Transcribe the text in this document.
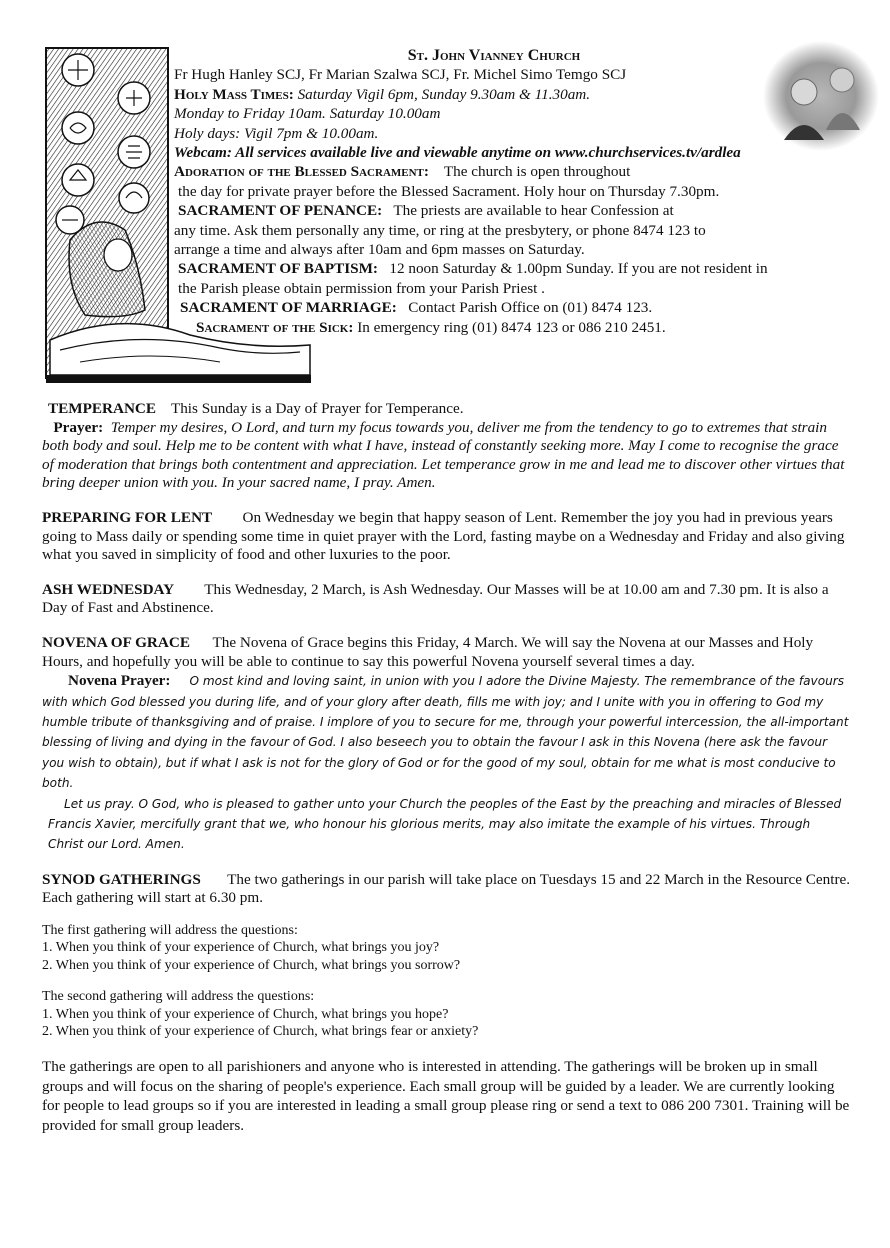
St. John Vianney Church
Fr Hugh Hanley SCJ, Fr Marian Szalwa SCJ, Fr. Michel Simo Temgo SCJ
Holy Mass Times: Saturday Vigil 6pm, Sunday 9.30am & 11.30am.
Monday to Friday 10am. Saturday 10.00am
Holy days: Vigil 7pm & 10.00am.
Webcam: All services available live and viewable anytime on www.churchservices.tv/ardlea
Adoration of the Blessed Sacrament: The church is open throughout
the day for private prayer before the Blessed Sacrament. Holy hour on Thursday 7.30pm.
SACRAMENT OF PENANCE: The priests are available to hear Confession at
any time. Ask them personally any time, or ring at the presbytery, or phone 8474 123 to
arrange a time and always after 10am and 6pm masses on Saturday.
SACRAMENT OF BAPTISM: 12 noon Saturday & 1.00pm Sunday. If you are not resident in
the Parish please obtain permission from your Parish Priest .
SACRAMENT OF MARRIAGE: Contact Parish Office on (01) 8474 123.
Sacrament of the Sick: In emergency ring (01) 8474 123 or 086 210 2451.

TEMPERANCE This Sunday is a Day of Prayer for Temperance.

Prayer: Temper my desires, O Lord, and turn my focus towards you, deliver me from the tendency to go to extremes that strain both body and soul. Help me to be content with what I have, instead of constantly seeking more. May I come to recognise the grace of moderation that brings both contentment and appreciation. Let temperance grow in me and lead me to discover other virtues that bring deeper union with you. In your sacred name, I pray. Amen.

PREPARING FOR LENT On Wednesday we begin that happy season of Lent. Remember the joy you had in previous years going to Mass daily or spending some time in quiet prayer with the Lord, fasting maybe on a Wednesday and Friday and also giving what you saved in simplicity of food and other luxuries to the poor.

ASH WEDNESDAY This Wednesday, 2 March, is Ash Wednesday. Our Masses will be at 10.00 am and 7.30 pm. It is also a Day of Fast and Abstinence.

NOVENA OF GRACE The Novena of Grace begins this Friday, 4 March. We will say the Novena at our Masses and Holy Hours, and hopefully you will be able to continue to say this powerful Novena yourself several times a day.

Novena Prayer: O most kind and loving saint, in union with you I adore the Divine Majesty. The remembrance of the favours with which God blessed you during life, and of your glory after death, fills me with joy; and I unite with you in offering to God my humble tribute of thanksgiving and of praise. I implore of you to secure for me, through your powerful intercession, the all-important blessing of living and dying in the favour of God. I also beseech you to obtain the favour I ask in this Novena (here ask the favour you wish to obtain), but if what I ask is not for the glory of God or for the good of my soul, obtain for me what is most conducive to both.

Let us pray. O God, who is pleased to gather unto your Church the peoples of the East by the preaching and miracles of Blessed Francis Xavier, mercifully grant that we, who honour his glorious merits, may also imitate the example of his virtues. Through Christ our Lord. Amen.

SYNOD GATHERINGS The two gatherings in our parish will take place on Tuesdays 15 and 22 March in the Resource Centre. Each gathering will start at 6.30 pm.

The first gathering will address the questions:

1. When you think of your experience of Church, what brings you joy?

2. When you think of your experience of Church, what brings you sorrow?

The second gathering will address the questions:

1. When you think of your experience of Church, what brings you hope?

2. When you think of your experience of Church, what brings fear or anxiety?

The gatherings are open to all parishioners and anyone who is interested in attending. The gatherings will be broken up in small groups and will focus on the sharing of people's experience. Each small group will be guided by a leader. We are currently looking for people to lead groups so if you are interested in leading a small group please ring or send a text to 086 200 7301. Training will be provided for small group leaders.
